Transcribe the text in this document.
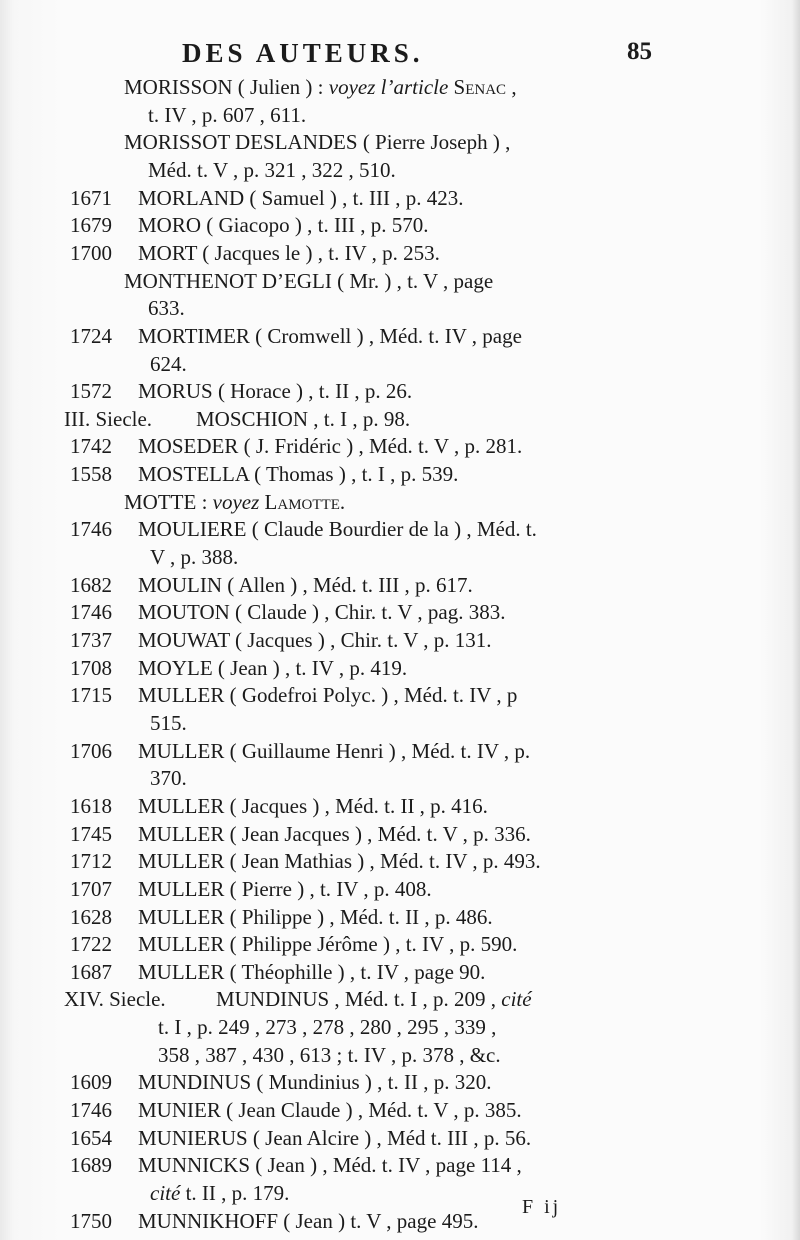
DES AUTEURS.	85
MORISSON ( Julien ) : voyez l’article Senac ,
t. IV , p. 607 , 611.
MORISSOT DESLANDES ( Pierre Joseph ) ,
Méd. t. V , p. 321 , 322 , 510.
1671 MORLAND ( Samuel ) , t. III , p. 423.
1679 MORO ( Giacopo ) , t. III , p. 570.
1700 MORT ( Jacques le ) , t. IV , p. 253.
MONTHENOT D’EGLI ( Mr. ) , t. V , page
633.
1724 MORTIMER ( Cromwell ) , Méd. t. IV , page
624.
1572 MORUS ( Horace ) , t. II , p. 26.
III. Siecle. MOSCHION , t. I , p. 98.
1742 MOSEDER ( J. Fridéric ) , Méd. t. V , p. 281.
1558 MOSTELLA ( Thomas ) , t. I , p. 539.
MOTTE : voyez Lamotte.
1746 MOULIERE ( Claude Bourdier de la ) , Méd. t.
V , p. 388.
1682 MOULIN ( Allen ) , Méd. t. III , p. 617.
1746 MOUTON ( Claude ) , Chir. t. V , pag. 383.
1737 MOUWAT ( Jacques ) , Chir. t. V , p. 131.
1708 MOYLE ( Jean ) , t. IV , p. 419.
1715 MULLER ( Godefroi Polyc. ) , Méd. t. IV , p
515.
1706 MULLER ( Guillaume Henri ) , Méd. t. IV , p.
370.
1618 MULLER ( Jacques ) , Méd. t. II , p. 416.
1745 MULLER ( Jean Jacques ) , Méd. t. V , p. 336.
1712 MULLER ( Jean Mathias ) , Méd. t. IV , p. 493.
1707 MULLER ( Pierre ) , t. IV , p. 408.
1628 MULLER ( Philippe ) , Méd. t. II , p. 486.
1722 MULLER ( Philippe Jérôme ) , t. IV , p. 590.
1687 MULLER ( Théophille ) , t. IV , page 90.
XIV. Siecle. MUNDINUS , Méd. t. I , p. 209 , cité
t. I , p. 249 , 273 , 278 , 280 , 295 , 339 ,
358 , 387 , 430 , 613 ; t. IV , p. 378 , &c.
1609 MUNDINUS ( Mundinius ) , t. II , p. 320.
1746 MUNIER ( Jean Claude ) , Méd. t. V , p. 385.
1654 MUNIERUS ( Jean Alcire ) , Méd t. III , p. 56.
1689 MUNNICKS ( Jean ) , Méd. t. IV , page 114 ,
cité t. II , p. 179.
1750 MUNNIKHOFF ( Jean ) t. V , page 495.
F ij
